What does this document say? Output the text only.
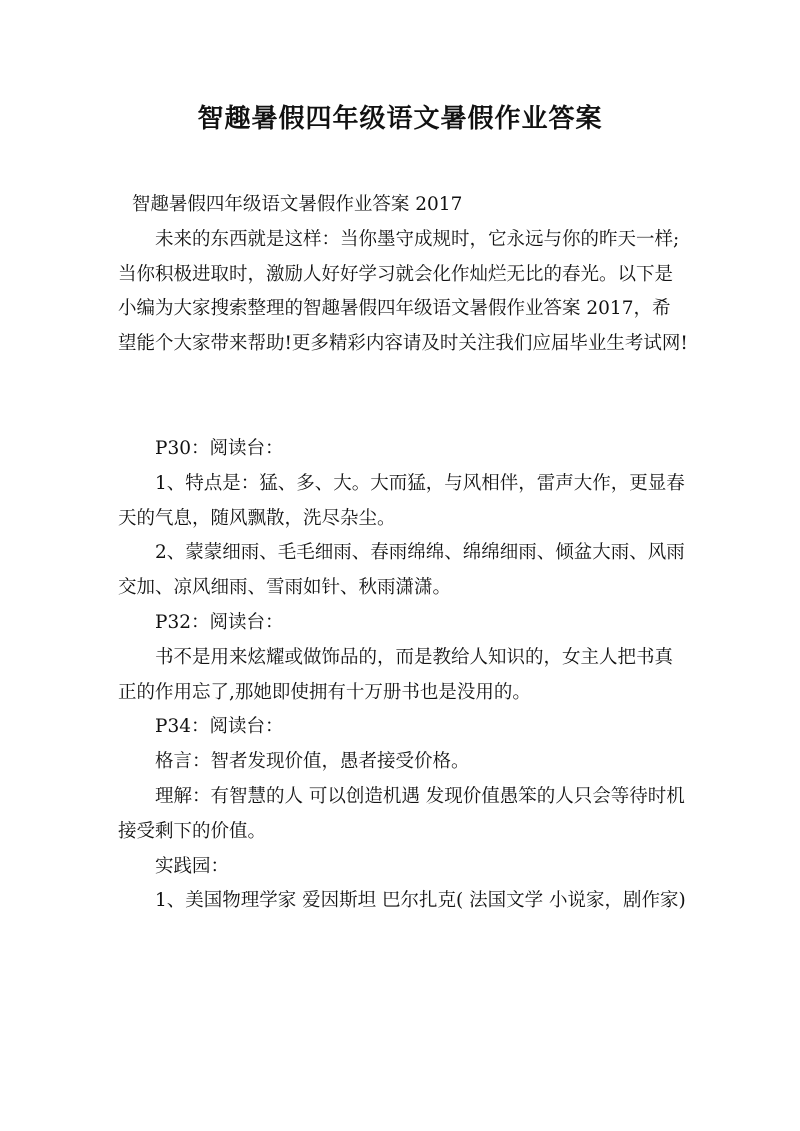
智趣暑假四年级语文暑假作业答案

智趣暑假四年级语文暑假作业答案 2017

未来的东西就是这样：当你墨守成规时，它永远与你的昨天一样;当你积极进取时，激励人好好学习就会化作灿烂无比的春光。以下是小编为大家搜索整理的智趣暑假四年级语文暑假作业答案 2017，希望能个大家带来帮助!更多精彩内容请及时关注我们应届毕业生考试网!

P30：阅读台：

1、特点是：猛、多、大。大而猛，与风相伴，雷声大作，更显春天的气息，随风飘散，洗尽杂尘。

2、蒙蒙细雨、毛毛细雨、春雨绵绵、绵绵细雨、倾盆大雨、风雨交加、凉风细雨、雪雨如针、秋雨潇潇。

P32：阅读台：

书不是用来炫耀或做饰品的，而是教给人知识的，女主人把书真正的作用忘了,那她即使拥有十万册书也是没用的。

P34：阅读台：

格言：智者发现价值，愚者接受价格。

理解：有智慧的人 可以创造机遇 发现价值愚笨的人只会等待时机 接受剩下的价值。

实践园：

1、美国物理学家 爱因斯坦 巴尔扎克( 法国文学 小说家，剧作家)
